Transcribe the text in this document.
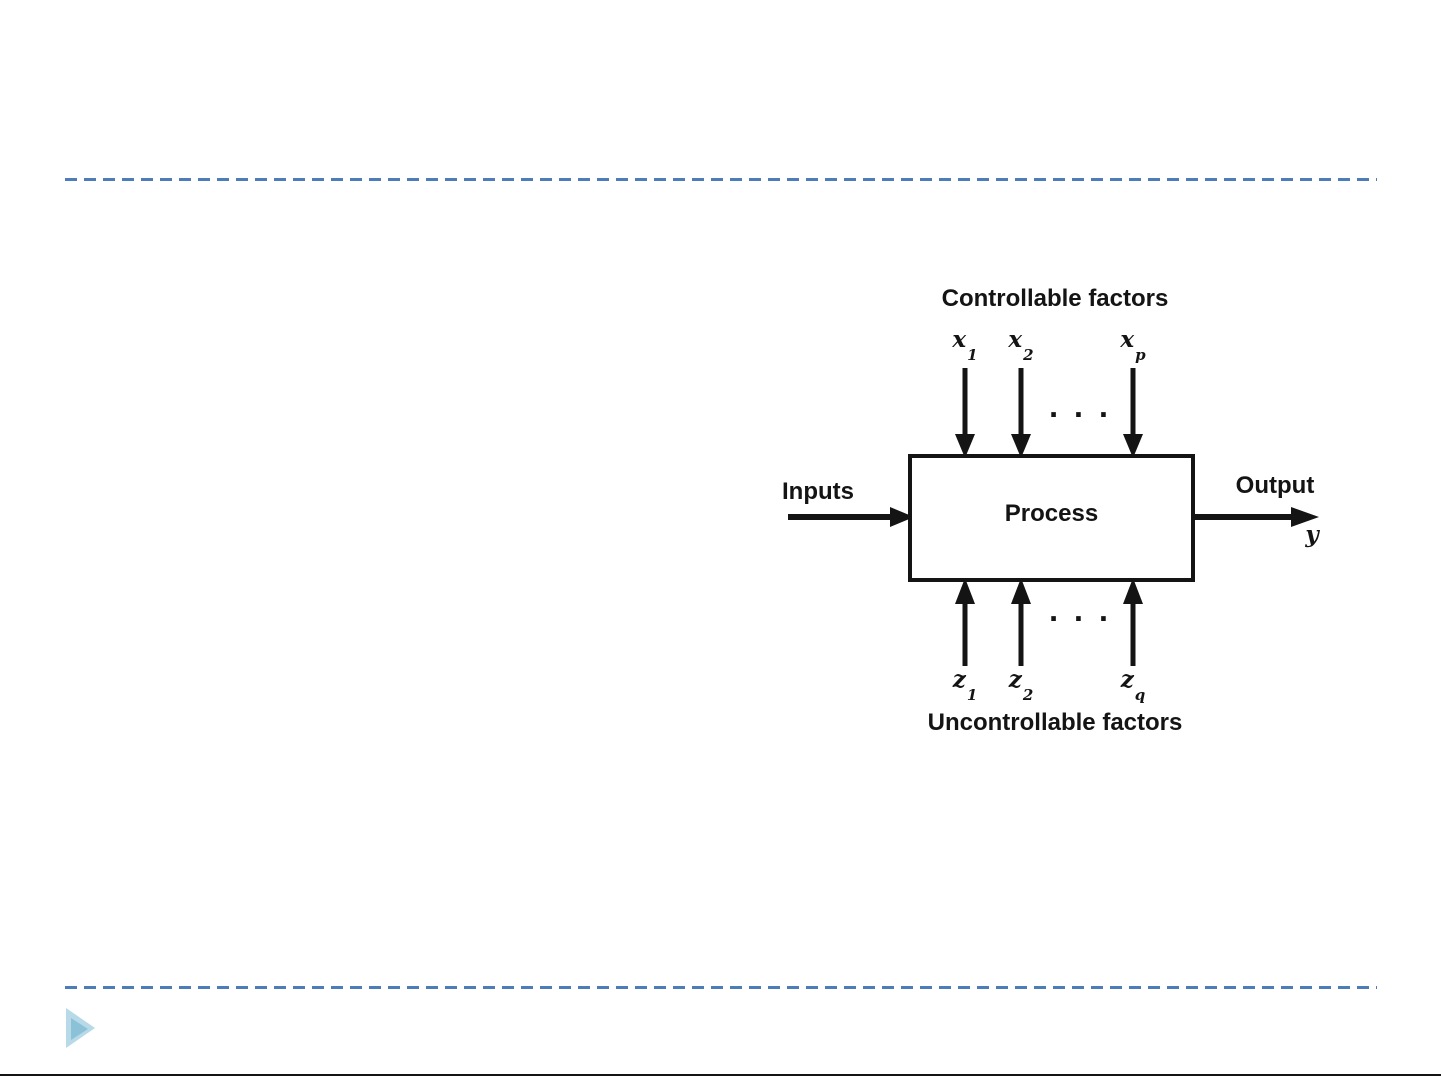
Controllable factors
$x_1$
$x_2$
$x_p$
. . .
Inputs
Process
Output
y
. . .
$z_1$
$z_2$
$z_q$
Uncontrollable factors
